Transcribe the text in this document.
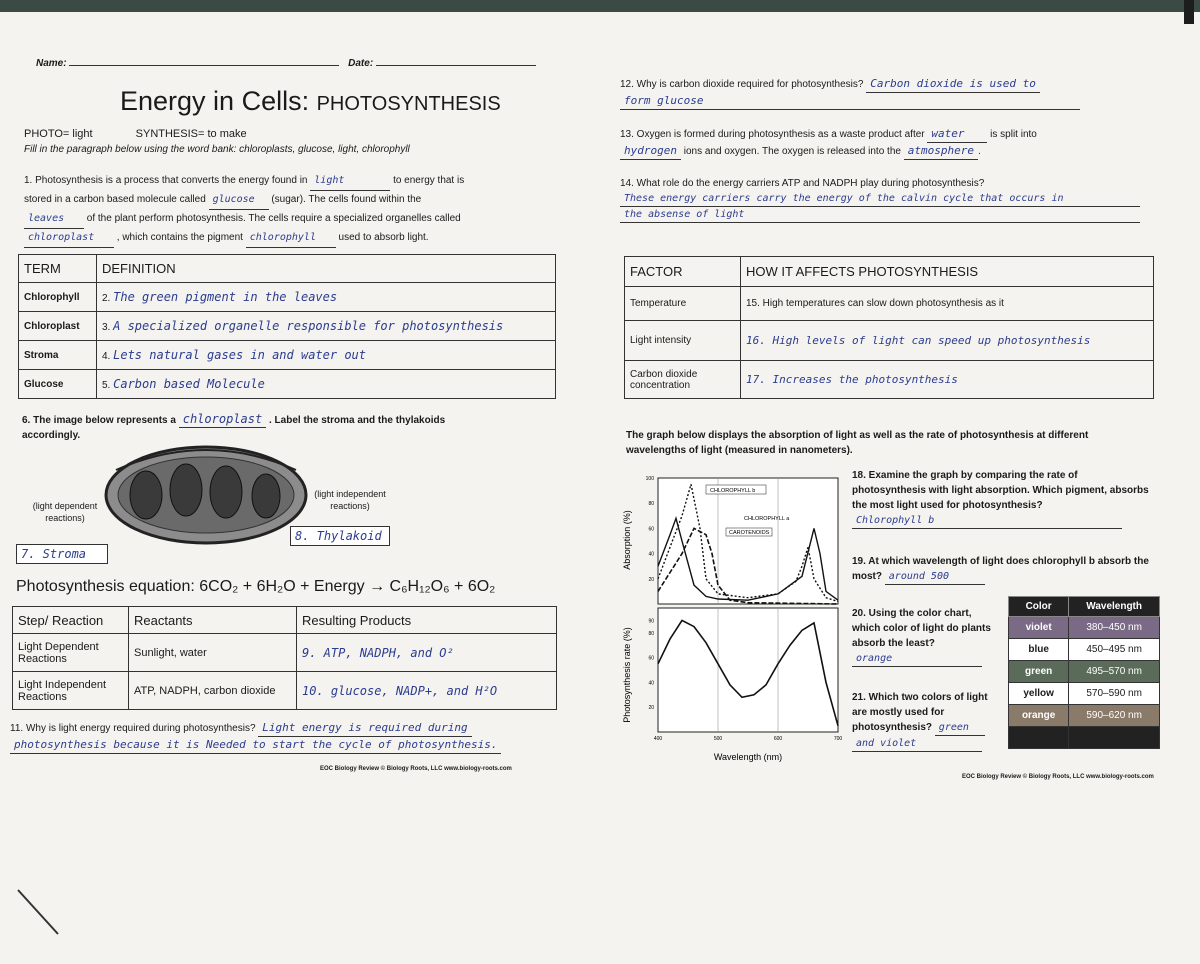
Name:	Date:
Energy in Cells: PHOTOSYNTHESIS
PHOTO= light	SYNTHESIS= to make
Fill in the paragraph below using the word bank: chloroplasts, glucose, light, chlorophyll
1. Photosynthesis is a process that converts the energy found in light	to energy that is
stored in a carbon based molecule called glucose (sugar). The cells found within the
leaves of the plant perform photosynthesis. The cells require a specialized organelles called
chloroplast , which contains the pigment chlorophyll used to absorb light.
TERM	DEFINITION
Chlorophyll	2. The green pigment in the leaves
Chloroplast	3. A specialized organelle responsible for photosynthesis
Stroma	4. Lets natural gases in and water out
Glucose	5. Carbon based Molecule
6. The image below represents a chloroplast . Label the stroma and the thylakoids
accordingly.
(light dependent reactions)
(light independent reactions)
8. Thylakoid
7. Stroma
Photosynthesis equation: 6CO₂ + 6H₂O + Energy → C₆H₁₂O₆ + 6O₂
Step/ Reaction	Reactants	Resulting Products
Light Dependent Reactions	Sunlight, water	9. ATP, NADPH, and O²
Light Independent Reactions	ATP, NADPH, carbon dioxide	10. glucose, NADP+, and H²O
11. Why is light energy required during photosynthesis? Light energy is required during
photosynthesis because it is Needed to start the cycle of photosynthesis.
EOC Biology Review © Biology Roots, LLC www.biology-roots.com
12. Why is carbon dioxide required for photosynthesis? Carbon dioxide is used to
form glucose
13. Oxygen is formed during photosynthesis as a waste product after water	is split into
hydrogen ions and oxygen. The oxygen is released into the atmosphere .
14. What role do the energy carriers ATP and NADPH play during photosynthesis?
These energy carriers carry the energy of the calvin cycle that occurs in
the absense of light
FACTOR	HOW IT AFFECTS PHOTOSYNTHESIS
Temperature	15. High temperatures can slow down photosynthesis as it
Light intensity	16. High levels of light can speed up photosynthesis
Carbon dioxide concentration	17. Increases the photosynthesis
The graph below displays the absorption of light as well as the rate of photosynthesis at different wavelengths of light (measured in nanometers).
Absorption (%)
Photosynthesis rate (%)
100
80
60
40
20
90
80
60
40
20
400	500	600	700
CHLOROPHYLL b
CHLOROPHYLL a
CAROTENOIDS
Wavelength (nm)
18. Examine the graph by comparing the rate of photosynthesis with light absorption. Which pigment, absorbs the most light used for photosynthesis?
Chlorophyll b
19. At which wavelength of light does chlorophyll b absorb the most? around 500
20. Using the color chart, which color of light do plants absorb the least?
orange
21. Which two colors of light are mostly used for photosynthesis? green
and violet
Color	Wavelength
violet	380–450 nm
blue	450–495 nm
green	495–570 nm
yellow	570–590 nm
orange	590–620 nm

EOC Biology Review © Biology Roots, LLC www.biology-roots.com
